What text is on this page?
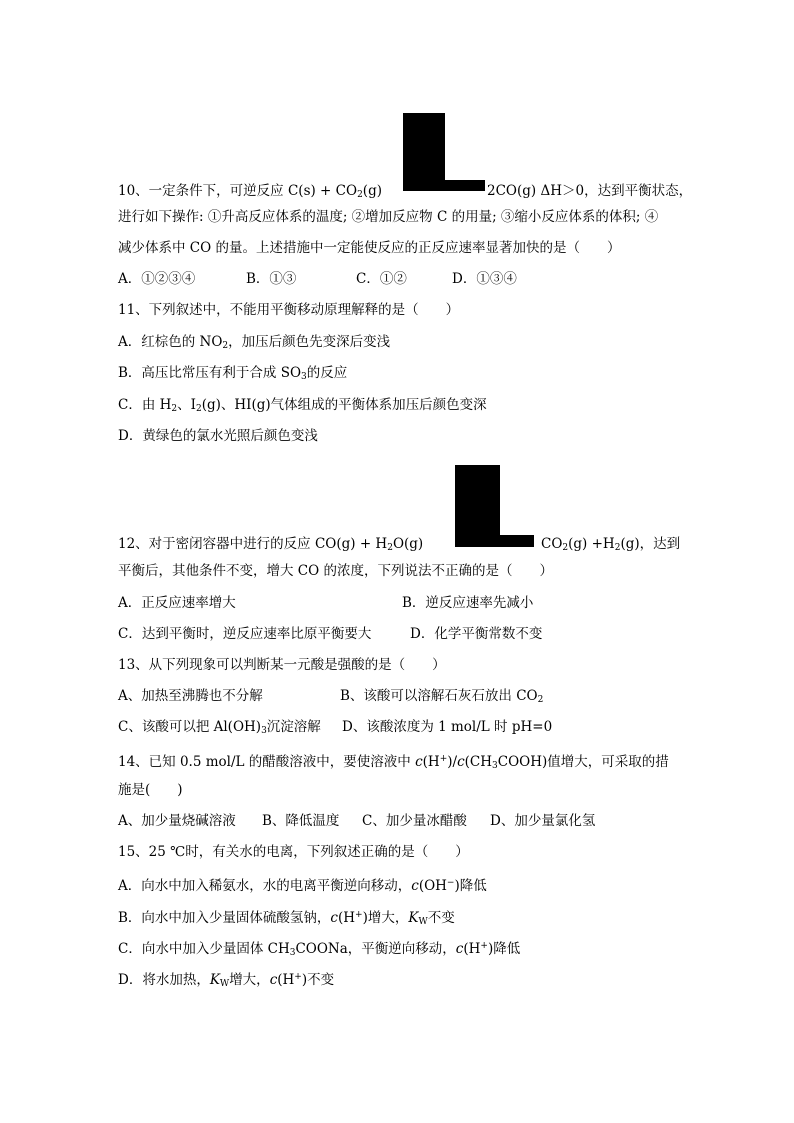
10、一定条件下，可逆反应 $C(s) + CO_2(g)$	2CO(g) ΔH＞0，达到平衡状态，
进行如下操作: ①升高反应体系的温度; ②增加反应物 C 的用量; ③缩小反应体系的体积; ④
减少体系中 CO 的量。上述措施中一定能使反应的正反应速率显著加快的是（　　）
A．①②③④	B．①③	C．①②	D．①③④
11、下列叙述中，不能用平衡移动原理解释的是（　　）
A．红棕色的 $NO_2$，加压后颜色先变深后变浅
B．高压比常压有利于合成 $SO_3$的反应
C．由 $H_2$、$I_2(g)$、HI(g)气体组成的平衡体系加压后颜色变深
D．黄绿色的氯水光照后颜色变浅
12、对于密闭容器中进行的反应 $CO(g) + H_2O(g)$	$CO_2(g) +H_2(g)$，达到
平衡后，其他条件不变，增大 CO 的浓度，下列说法不正确的是（　　）
A．正反应速率增大	B．逆反应速率先减小
C．达到平衡时，逆反应速率比原平衡要大	D．化学平衡常数不变
13、从下列现象可以判断某一元酸是强酸的是（　　）
A、加热至沸腾也不分解	B、该酸可以溶解石灰石放出 $CO_2$
C、该酸可以把 $Al(OH)_3$沉淀溶解 D、该酸浓度为 1 mol/L 时 pH=0
14、已知 0.5 mol/L 的醋酸溶液中，要使溶液中 $c(H^+)/c(CH_3COOH)$值增大，可采取的措
施是(　　)
A、加少量烧碱溶液 B、降低温度 C、加少量冰醋酸 D、加少量氯化氢
15、25 ℃时，有关水的电离，下列叙述正确的是（　　）
A．向水中加入稀氨水，水的电离平衡逆向移动，c(OH−)降低
B．向水中加入少量固体硫酸氢钠，c(H+)增大，$K_W$不变
C．向水中加入少量固体 $CH_3COONa$，平衡逆向移动，c(H+)降低
D．将水加热，$K_W$增大，c(H+)不变
